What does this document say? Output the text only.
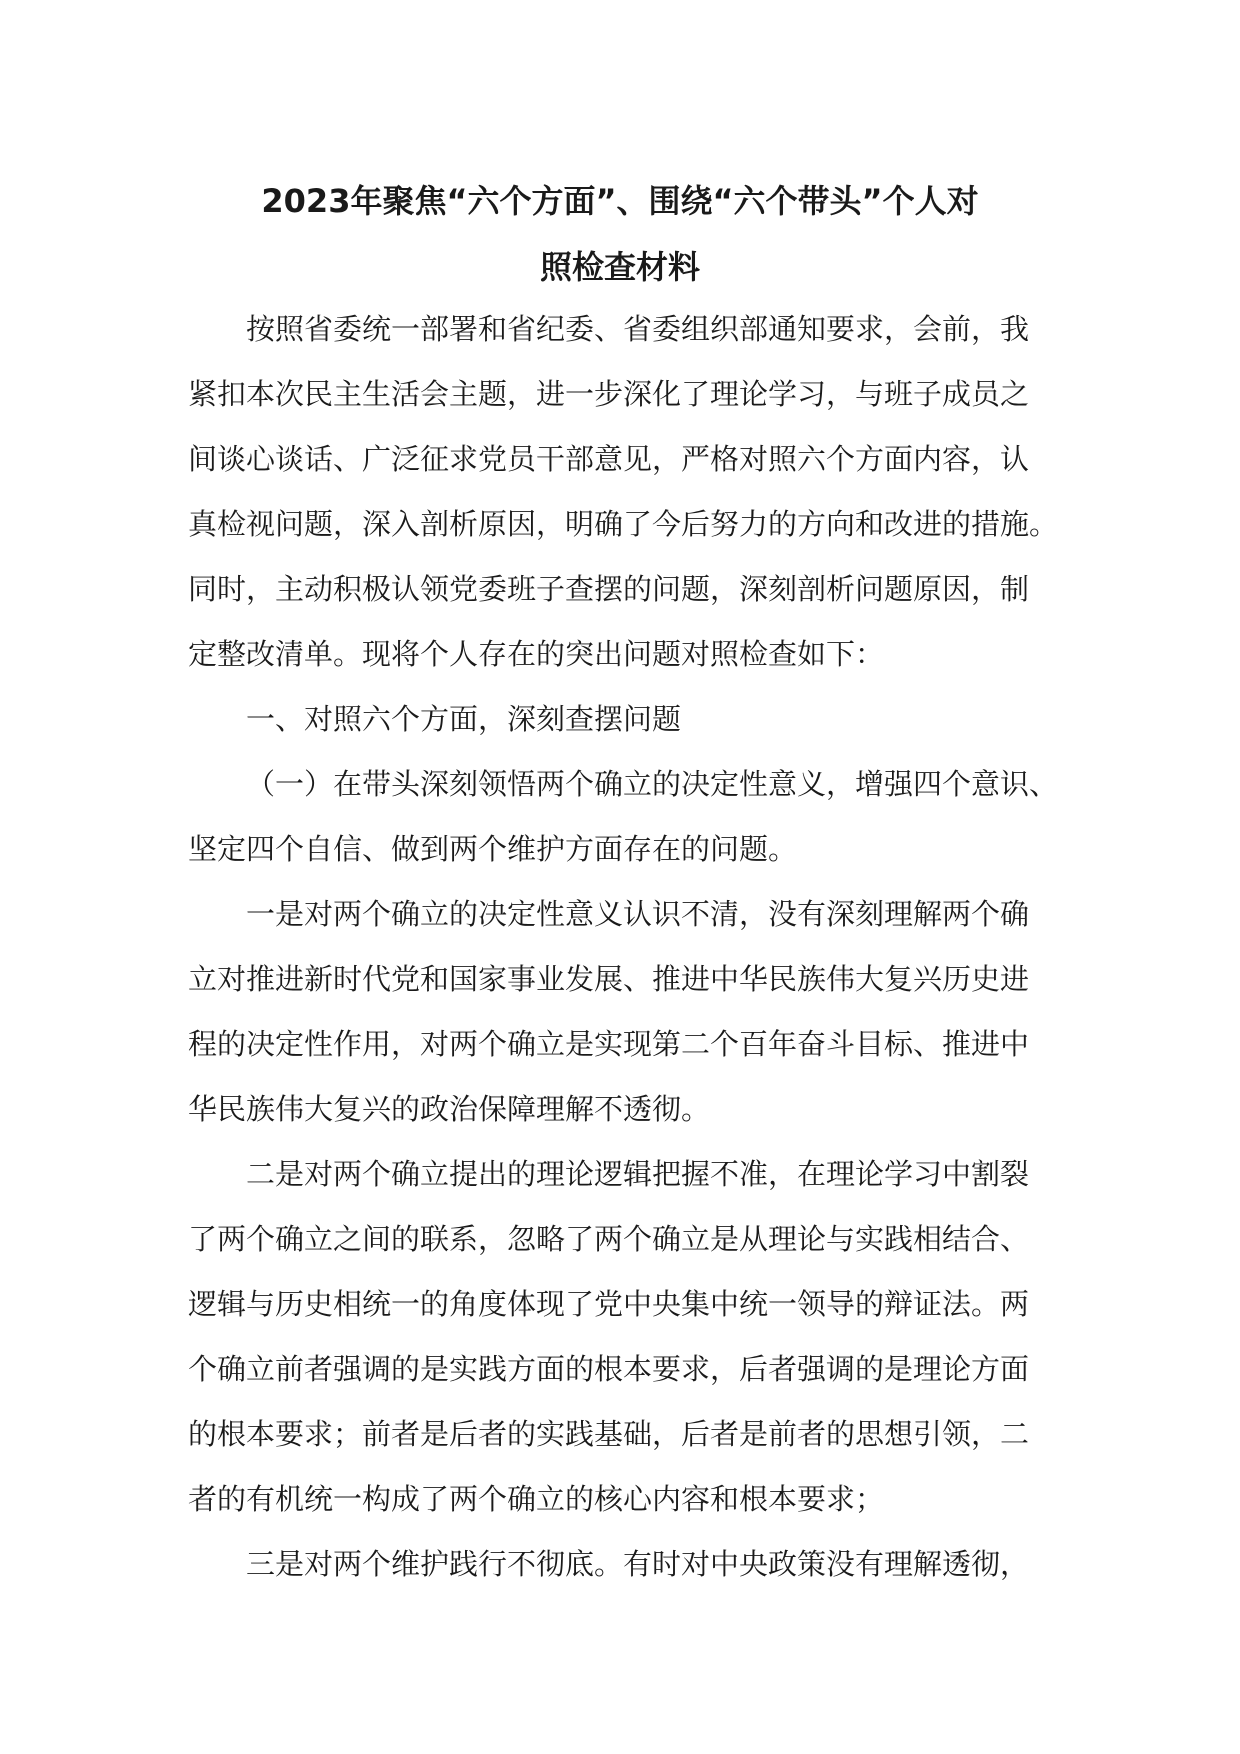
2023年聚焦“六个方面”、围绕“六个带头”个人对
照检查材料
按照省委统一部署和省纪委、省委组织部通知要求，会前，我
紧扣本次民主生活会主题，进一步深化了理论学习，与班子成员之
间谈心谈话、广泛征求党员干部意见，严格对照六个方面内容，认
真检视问题，深入剖析原因，明确了今后努力的方向和改进的措施。
同时，主动积极认领党委班子查摆的问题，深刻剖析问题原因，制
定整改清单。现将个人存在的突出问题对照检查如下：
一、对照六个方面，深刻查摆问题
（一）在带头深刻领悟两个确立的决定性意义，增强四个意识、
坚定四个自信、做到两个维护方面存在的问题。
一是对两个确立的决定性意义认识不清，没有深刻理解两个确
立对推进新时代党和国家事业发展、推进中华民族伟大复兴历史进
程的决定性作用，对两个确立是实现第二个百年奋斗目标、推进中
华民族伟大复兴的政治保障理解不透彻。
二是对两个确立提出的理论逻辑把握不准，在理论学习中割裂
了两个确立之间的联系，忽略了两个确立是从理论与实践相结合、
逻辑与历史相统一的角度体现了党中央集中统一领导的辩证法。两
个确立前者强调的是实践方面的根本要求，后者强调的是理论方面
的根本要求；前者是后者的实践基础，后者是前者的思想引领，二
者的有机统一构成了两个确立的核心内容和根本要求；
三是对两个维护践行不彻底。有时对中央政策没有理解透彻，
